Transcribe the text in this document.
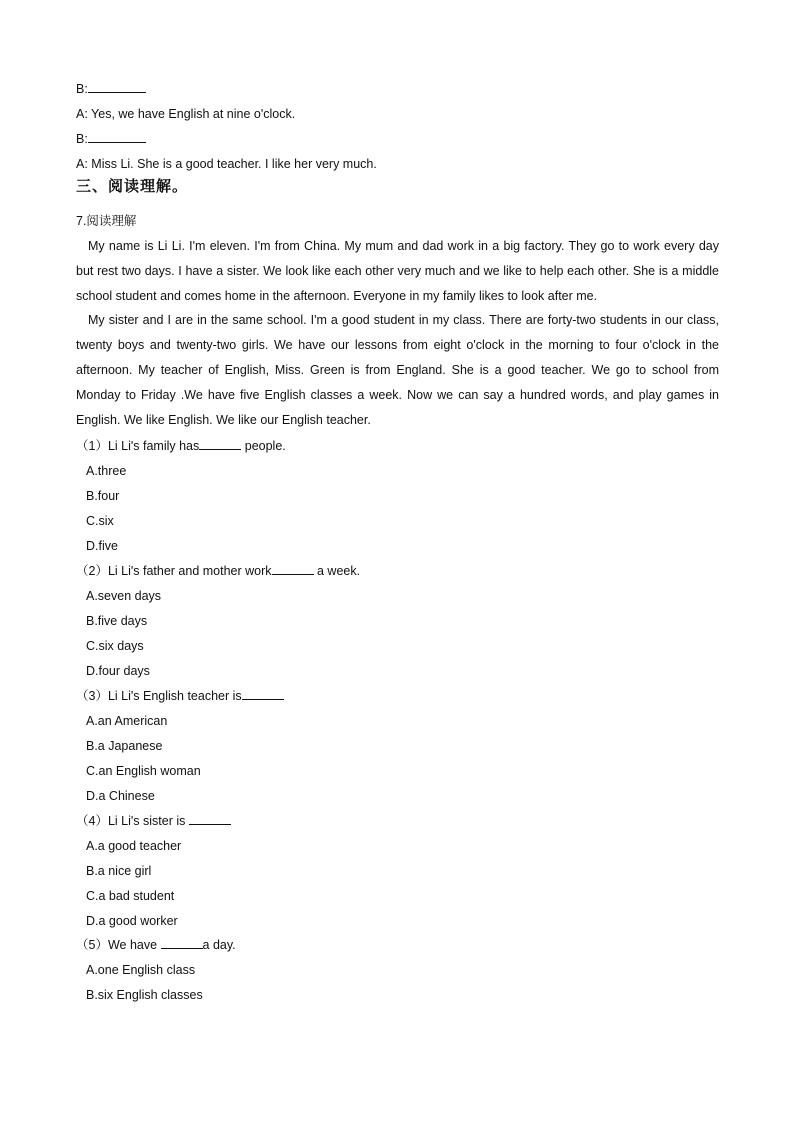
B:
A: Yes, we have English at nine o'clock.
B:
A: Miss Li. She is a good teacher. I like her very much.
三、阅读理解。
7.阅读理解
My name is Li Li. I'm eleven. I'm from China. My mum and dad work in a big factory. They go to work every day but rest two days. I have a sister. We look like each other very much and we like to help each other. She is a middle school student and comes home in the afternoon. Everyone in my family likes to look after me.
My sister and I are in the same school. I'm a good student in my class. There are forty-two students in our class, twenty boys and twenty-two girls. We have our lessons from eight o'clock in the morning to four o'clock in the afternoon. My teacher of English, Miss. Green is from England. She is a good teacher. We go to school from Monday to Friday .We have five English classes a week. Now we can say a hundred words, and play games in English. We like English. We like our English teacher.
（1）Li Li's family has	people.
A.three
B.four
C.six
D.five
（2）Li Li's father and mother work	a week.
A.seven days
B.five days
C.six days
D.four days
（3）Li Li's English teacher is
A.an American
B.a Japanese
C.an English woman
D.a Chinese
（4）Li Li's sister is
A.a good teacher
B.a nice girl
C.a bad student
D.a good worker
（5）We have	a day.
A.one English class
B.six English classes
